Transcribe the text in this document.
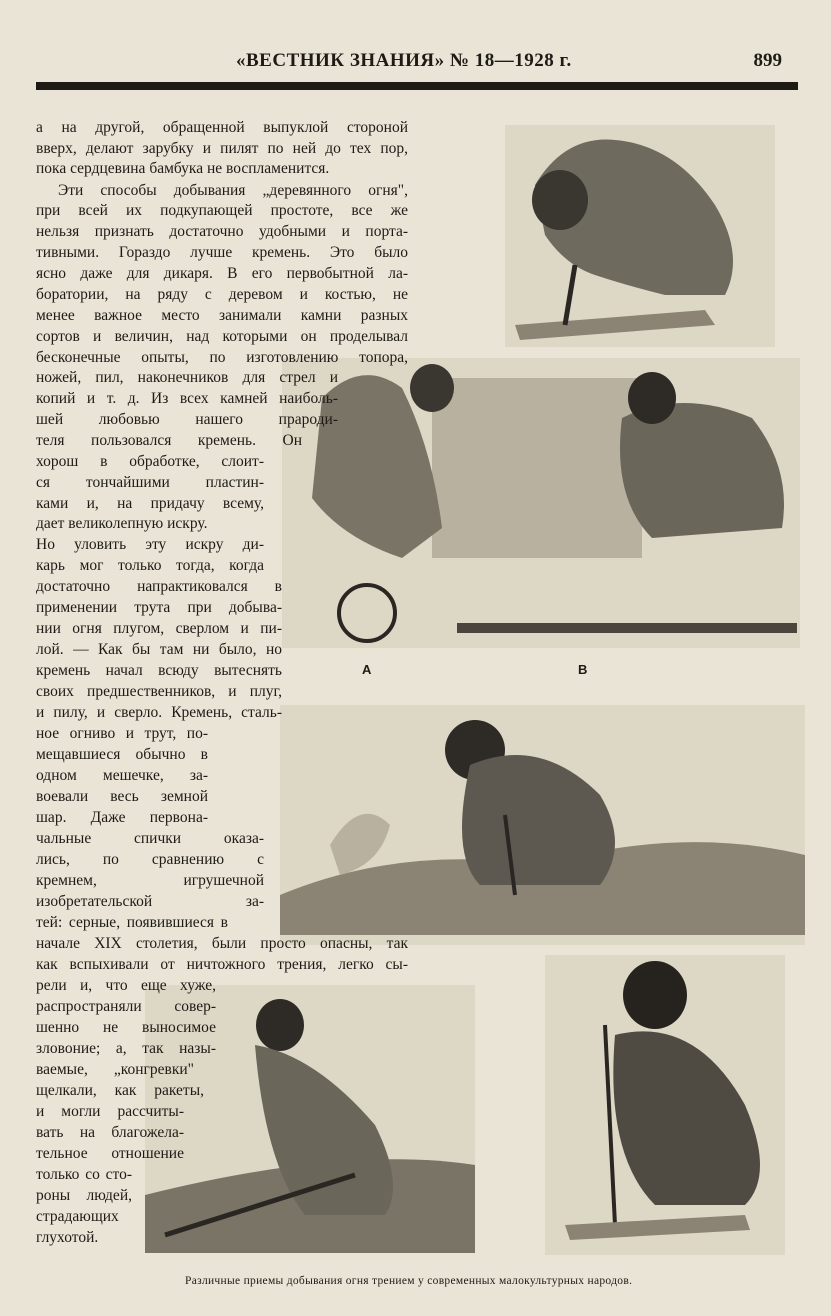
«ВЕСТНИК ЗНАНИЯ» № 18—1928 г.	899
A	B
Различные приемы добывания огня трением у современных малокультурных народов.
а на другой, обращенной выпуклой стороной
вверх, делают зарубку и пилят по ней до тех пор,
пока сердцевина бамбука не воспламенится.
Эти способы добывания „деревянного огня",
при всей их подкупающей простоте, все же
нельзя признать достаточно удобными и порта-
тивными. Гораздо лучше кремень. Это было
ясно даже для дикаря. В его первобытной ла-
боратории, на ряду с деревом и костью, не
менее важное место занимали камни разных
сортов и величин, над которыми он проделывал
бесконечные опыты, по изготовлению топора,
ножей, пил, наконечников для стрел и
копий и т. д. Из всех камней наиболь-
шей любовью нашего прароди-
теля пользовался кремень. Он
хорош в обработке, слоит-
ся тончайшими пластин-
ками и, на придачу всему,
дает великолепную искру.
Но уловить эту искру ди-
карь мог только тогда, когда
достаточно напрактиковался в
применении трута при добыва-
нии огня плугом, сверлом и пи-
лой. — Как бы там ни было, но
кремень начал всюду вытеснять
своих предшественников, и плуг,
и пилу, и сверло. Кремень, сталь-
ное огниво и трут, по-
мещавшиеся обычно в
одном мешечке, за-
воевали весь земной
шар. Даже первона-
чальные спички оказа-
лись, по сравнению с
кремнем, игрушечной
изобретательской за-
тей: серные, появившиеся в
начале XIX столетия, были просто опасны, так
как вспыхивали от ничтожного трения, легко сы-
рели и, что еще хуже,
распространяли совер-
шенно не выносимое
зловоние; а, так назы-
ваемые, „конгревки"
щелкали, как ракеты,
и могли рассчиты-
вать на благожела-
тельное отношение
только со сто-
роны людей,
страдающих
глухотой.
